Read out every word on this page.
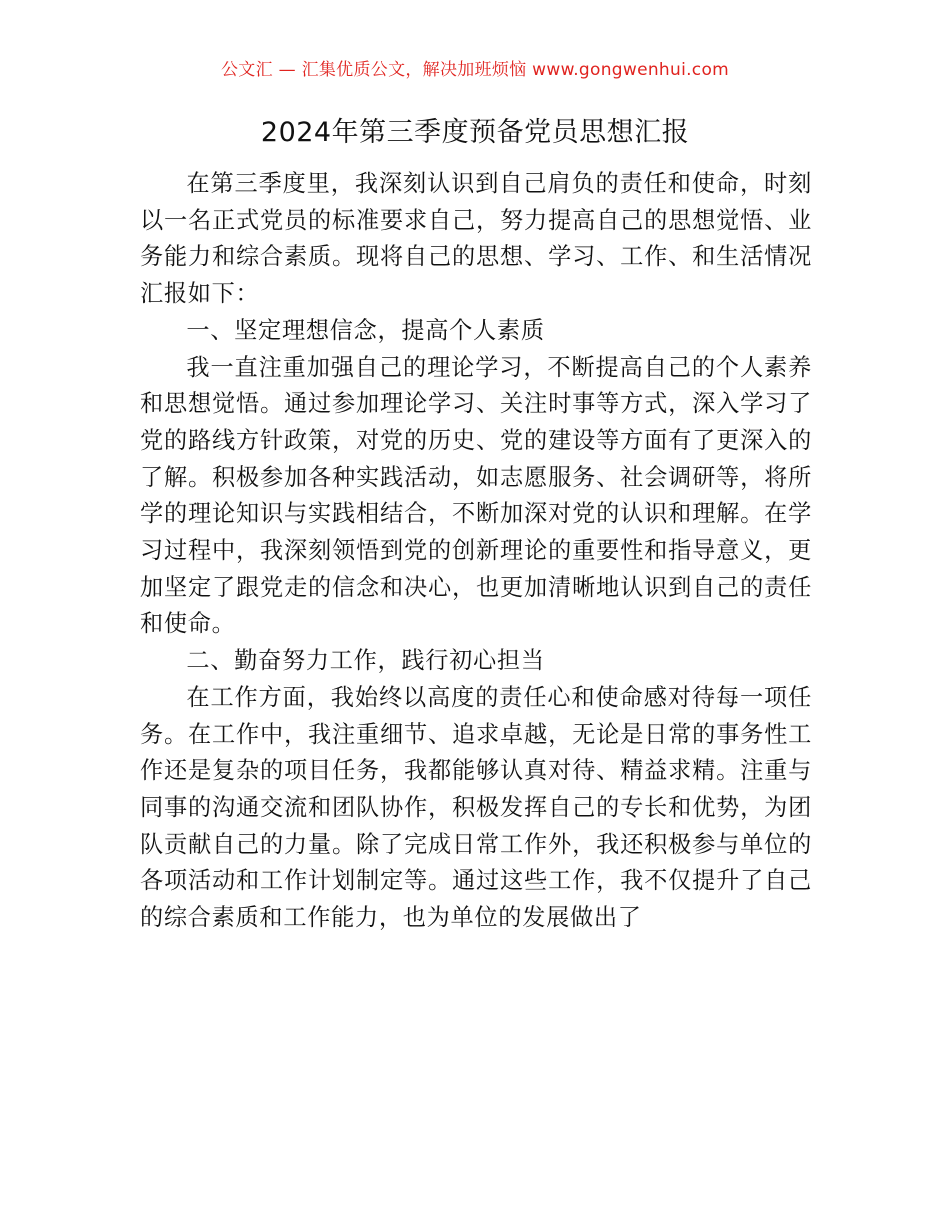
公文汇 — 汇集优质公文，解决加班烦恼 www.gongwenhui.com
2024年第三季度预备党员思想汇报

在第三季度里，我深刻认识到自己肩负的责任和使命，时刻以一名正式党员的标准要求自己，努力提高自己的思想觉悟、业务能力和综合素质。现将自己的思想、学习、工作、和生活情况汇报如下：

一、坚定理想信念，提高个人素质

我一直注重加强自己的理论学习，不断提高自己的个人素养和思想觉悟。通过参加理论学习、关注时事等方式，深入学习了党的路线方针政策，对党的历史、党的建设等方面有了更深入的了解。积极参加各种实践活动，如志愿服务、社会调研等，将所学的理论知识与实践相结合，不断加深对党的认识和理解。在学习过程中，我深刻领悟到党的创新理论的重要性和指导意义，更加坚定了跟党走的信念和决心，也更加清晰地认识到自己的责任和使命。

二、勤奋努力工作，践行初心担当

在工作方面，我始终以高度的责任心和使命感对待每一项任务。在工作中，我注重细节、追求卓越，无论是日常的事务性工作还是复杂的项目任务，我都能够认真对待、精益求精。注重与同事的沟通交流和团队协作，积极发挥自己的专长和优势，为团队贡献自己的力量。除了完成日常工作外，我还积极参与单位的各项活动和工作计划制定等。通过这些工作，我不仅提升了自己的综合素质和工作能力，也为单位的发展做出了
